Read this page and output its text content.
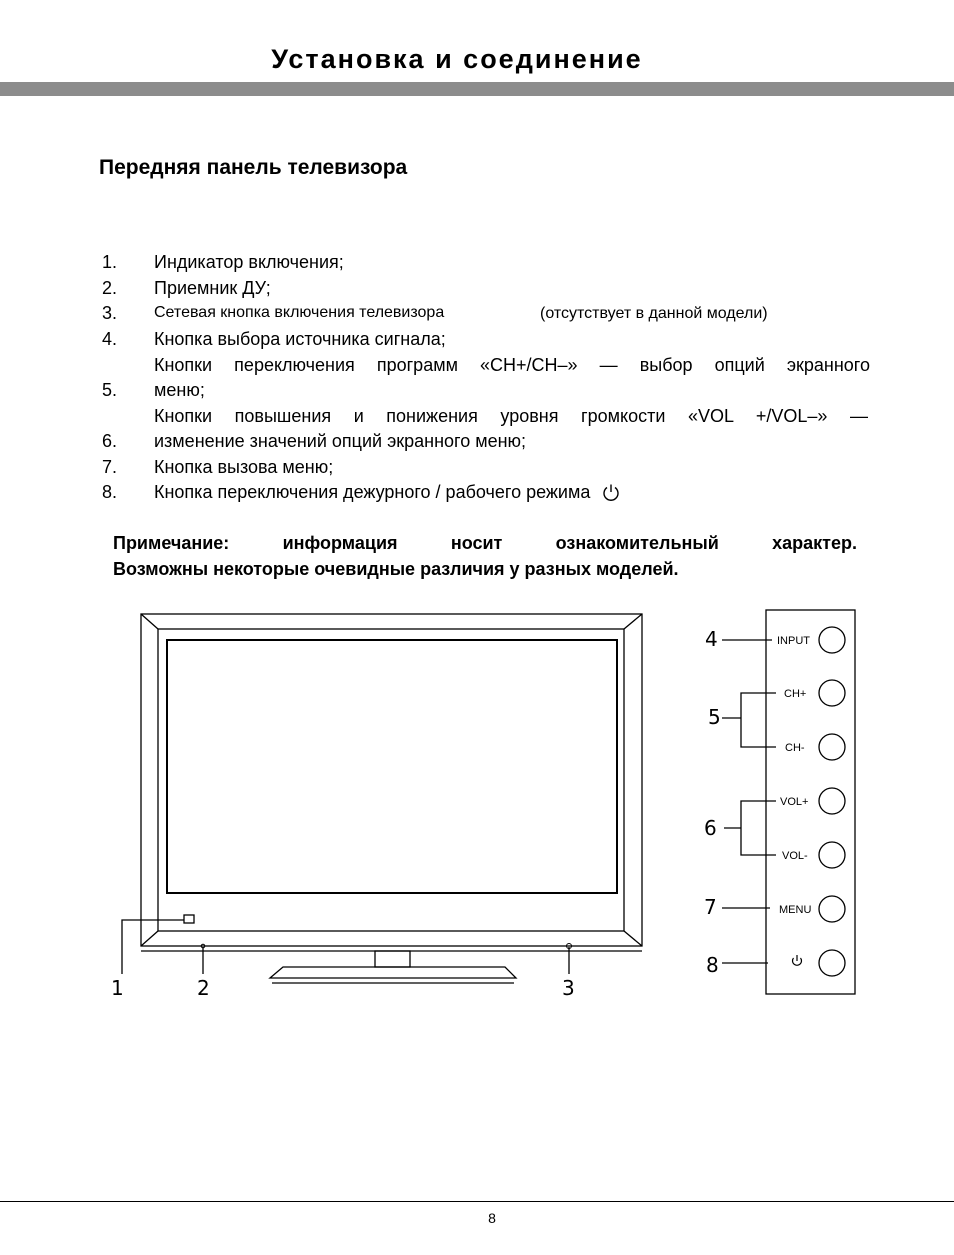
Установка и соединение
Передняя панель телевизора
1. Индикатор включения;
2. Приемник ДУ;
3. Сетевая кнопка включения телевизора	(отсутствует в данной модели)
4. Кнопка выбора источника сигнала;
Кнопки переключения программ «CH+/CH–» — выбор опций экранного
5. меню;
Кнопки повышения и понижения уровня громкости «VOL +/VOL–» —
6. изменение значений опций экранного меню;
7. Кнопка вызова меню;
8. Кнопка переключения дежурного / рабочего режима
Примечание: информация носит ознакомительный характер.
Возможны некоторые очевидные различия у разных моделей.
1	2	3
INPUT
CH+
CH-
VOL+
VOL-
MENU
4
5
6
7
8
8
